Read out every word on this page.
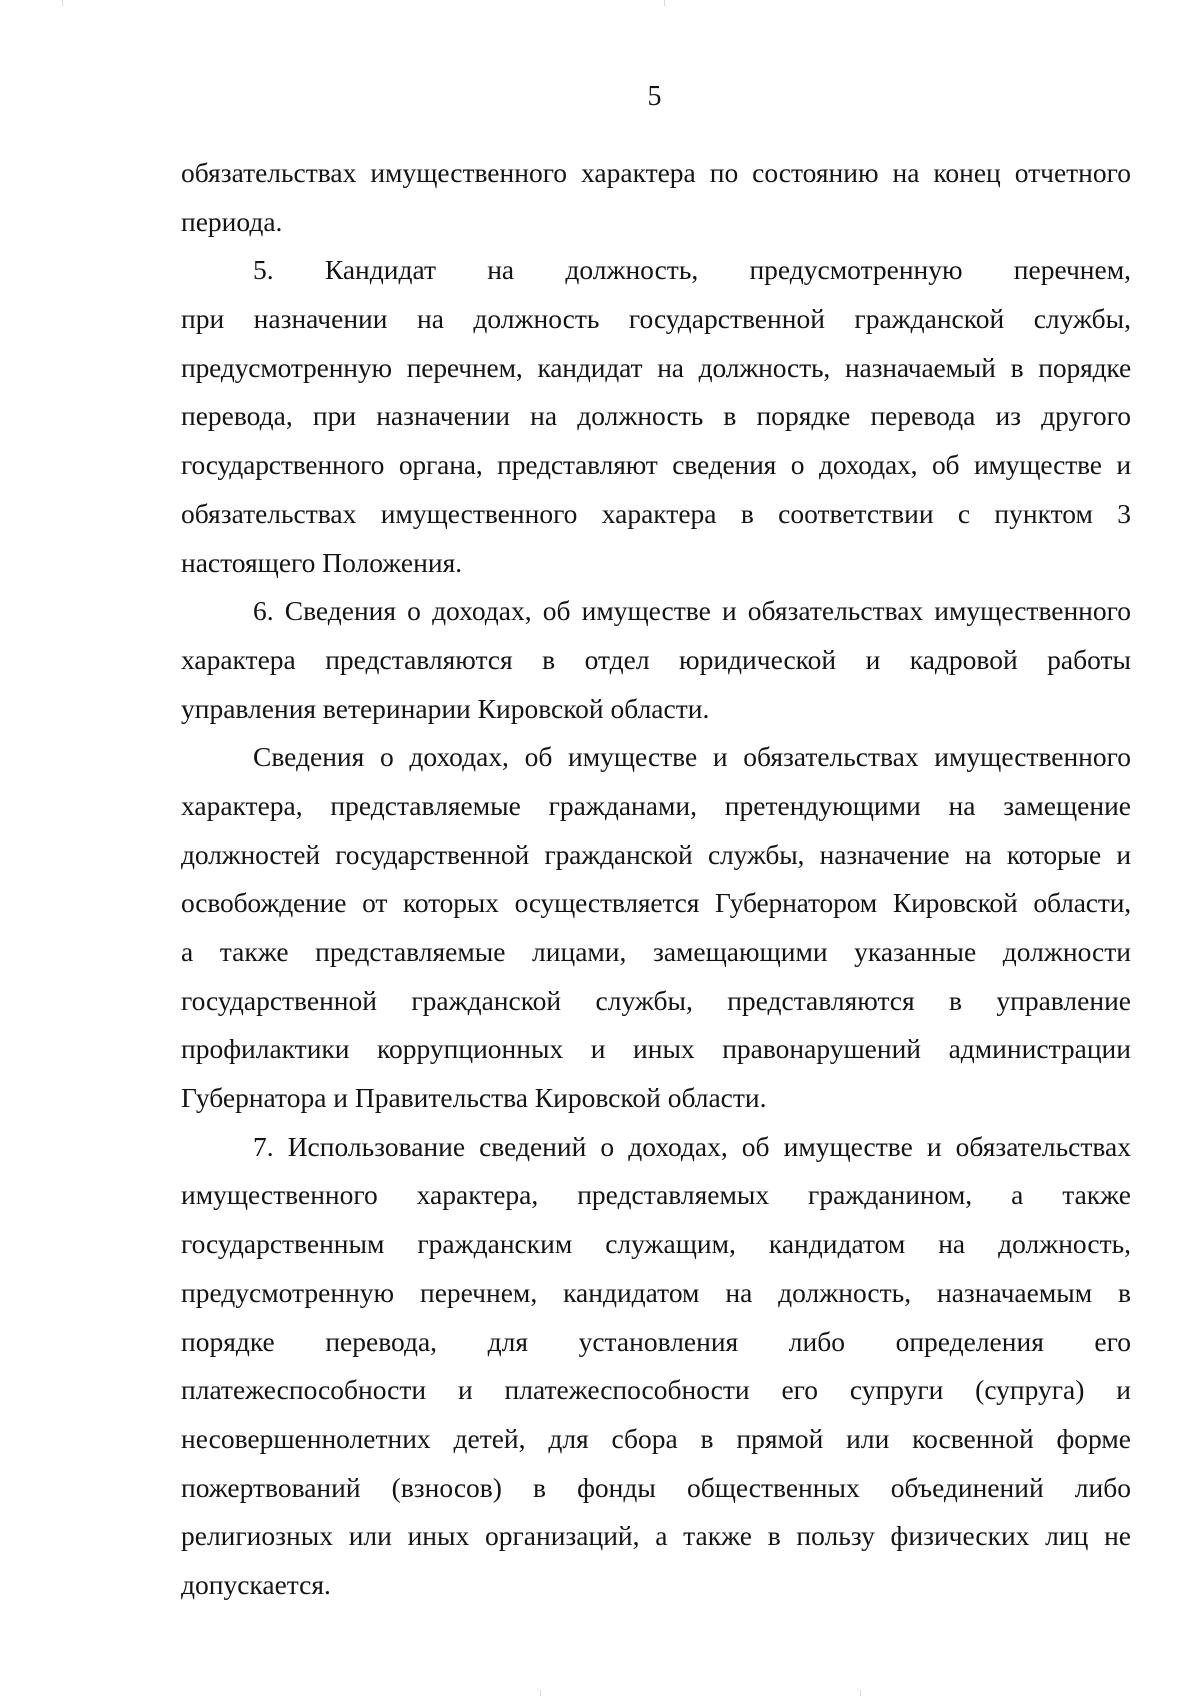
5
обязательствах имущественного характера по состоянию на конец отчетного
периода.
5. Кандидат на должность, предусмотренную перечнем,
при назначении на должность государственной гражданской службы,
предусмотренную перечнем, кандидат на должность, назначаемый в порядке
перевода, при назначении на должность в порядке перевода из другого
государственного органа, представляют сведения о доходах, об имуществе и
обязательствах имущественного характера в соответствии с пунктом 3
настоящего Положения.
6. Сведения о доходах, об имуществе и обязательствах имущественного
характера представляются в отдел юридической и кадровой работы
управления ветеринарии Кировской области.
Сведения о доходах, об имуществе и обязательствах имущественного
характера, представляемые гражданами, претендующими на замещение
должностей государственной гражданской службы, назначение на которые и
освобождение от которых осуществляется Губернатором Кировской области,
а также представляемые лицами, замещающими указанные должности
государственной гражданской службы, представляются в управление
профилактики коррупционных и иных правонарушений администрации
Губернатора и Правительства Кировской области.
7. Использование сведений о доходах, об имуществе и обязательствах
имущественного характера, представляемых гражданином, а также
государственным гражданским служащим, кандидатом на должность,
предусмотренную перечнем, кандидатом на должность, назначаемым в
порядке перевода, для установления либо определения его
платежеспособности и платежеспособности его супруги (супруга) и
несовершеннолетних детей, для сбора в прямой или косвенной форме
пожертвований (взносов) в фонды общественных объединений либо
религиозных или иных организаций, а также в пользу физических лиц не
допускается.
